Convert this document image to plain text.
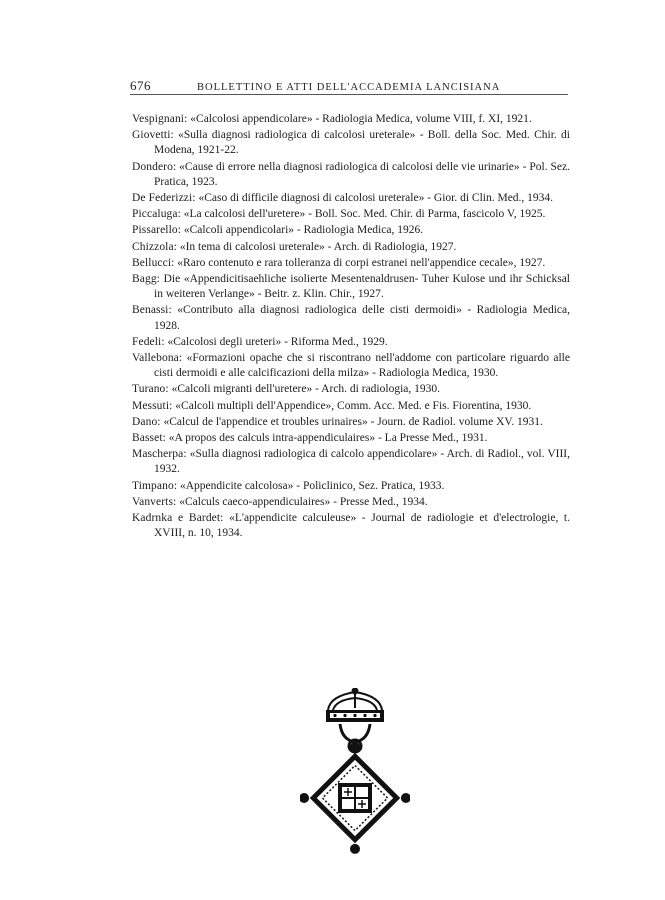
676	BOLLETTINO E ATTI DELL'ACCADEMIA LANCISIANA

Vespignani: «Calcolosi appendicolare» - Radiologia Medica, volume VIII, f. XI, 1921.

Giovetti: «Sulla diagnosi radiologica di calcolosi ureterale» - Boll. della Soc. Med. Chir. di Modena, 1921-22.

Dondero: «Cause di errore nella diagnosi radiologica di calcolosi delle vie urinarie» - Pol. Sez. Pratica, 1923.

De Federizzi: «Caso di difficile diagnosi di calcolosi ureterale» - Gior. di Clin. Med., 1934.

Piccaluga: «La calcolosi dell'uretere» - Boll. Soc. Med. Chir. di Parma, fascicolo V, 1925.

Pissarello: «Calcoli appendicolari» - Radiologia Medica, 1926.

Chizzola: «In tema di calcolosi ureterale» - Arch. di Radiologia, 1927.

Bellucci: «Raro contenuto e rara tolleranza di corpi estranei nell'appendice cecale», 1927.

Bagg: Die «Appendicitisaehliche isolierte Mesentenaldrusen- Tuher Kulose und ihr Schicksal in weiteren Verlange» - Beitr. z. Klin. Chir., 1927.

Benassi: «Contributo alla diagnosi radiologica delle cisti dermoidi» - Radiologia Medica, 1928.

Fedeli: «Calcolosi degli ureteri» - Riforma Med., 1929.

Vallebona: «Formazioni opache che si riscontrano nell'addome con particolare riguardo alle cisti dermoidi e alle calcificazioni della milza» - Radiologia Medica, 1930.

Turano: «Calcoli migranti dell'uretere» - Arch. di radiologia, 1930.

Messuti: «Calcoli multipli dell'Appendice», Comm. Acc. Med. e Fis. Fiorentina, 1930.

Dano: «Calcul de l'appendice et troubles urinaires» - Journ. de Radiol. volume XV. 1931.

Basset: «A propos des calculs intra-appendiculaires» - La Presse Med., 1931.

Mascherpa: «Sulla diagnosi radiologica di calcolo appendicolare» - Arch. di Radiol., vol. VIII, 1932.

Timpano: «Appendicite calcolosa» - Policlinico, Sez. Pratica, 1933.

Vanverts: «Calculs caeco-appendiculaires» - Presse Med., 1934.

Kadrnka e Bardet: «L'appendicite calculeuse» - Journal de radiologie et d'electrologie, t. XVIII, n. 10, 1934.
